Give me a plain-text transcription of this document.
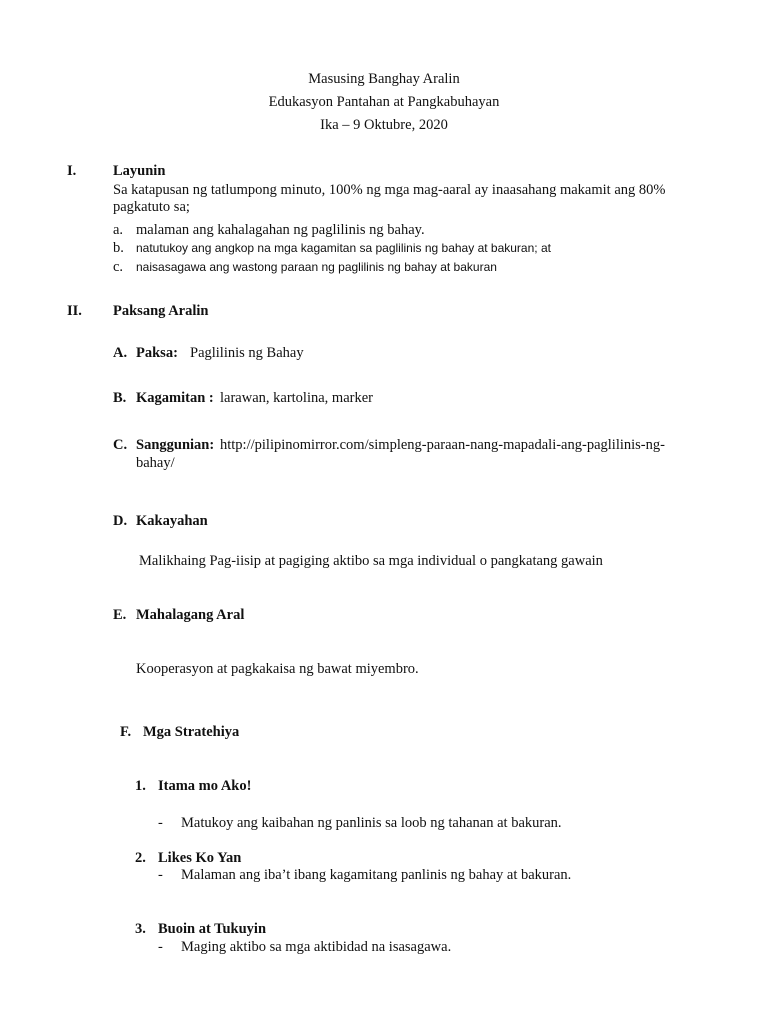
Masusing Banghay Aralin
Edukasyon Pantahan at Pangkabuhayan
Ika – 9 Oktubre, 2020
I.	Layunin
Sa katapusan ng tatlumpong minuto, 100% ng mga mag-aaral ay inaasahang makamit ang 80%
pagkatuto sa;
a. malaman ang kahalagahan ng paglilinis ng bahay.
b. natutukoy ang angkop na mga kagamitan sa paglilinis ng bahay at bakuran; at
c. naisasagawa ang wastong paraan ng paglilinis ng bahay at bakuran
II. Paksang Aralin
A. Paksa: Paglilinis ng Bahay
B. Kagamitan : larawan, kartolina, marker
C. Sanggunian: http://pilipinomirror.com/simpleng-paraan-nang-mapadali-ang-paglilinis-ng-
bahay/
D. Kakayahan
Malikhaing Pag-iisip at pagiging aktibo sa mga individual o pangkatang gawain
E. Mahalagang Aral
Kooperasyon at pagkakaisa ng bawat miyembro.
F. Mga Stratehiya
1. Itama mo Ako!
- Matukoy ang kaibahan ng panlinis sa loob ng tahanan at bakuran.
2. Likes Ko Yan
- Malaman ang iba’t ibang kagamitang panlinis ng bahay at bakuran.
3. Buoin at Tukuyin
- Maging aktibo sa mga aktibidad na isasagawa.
